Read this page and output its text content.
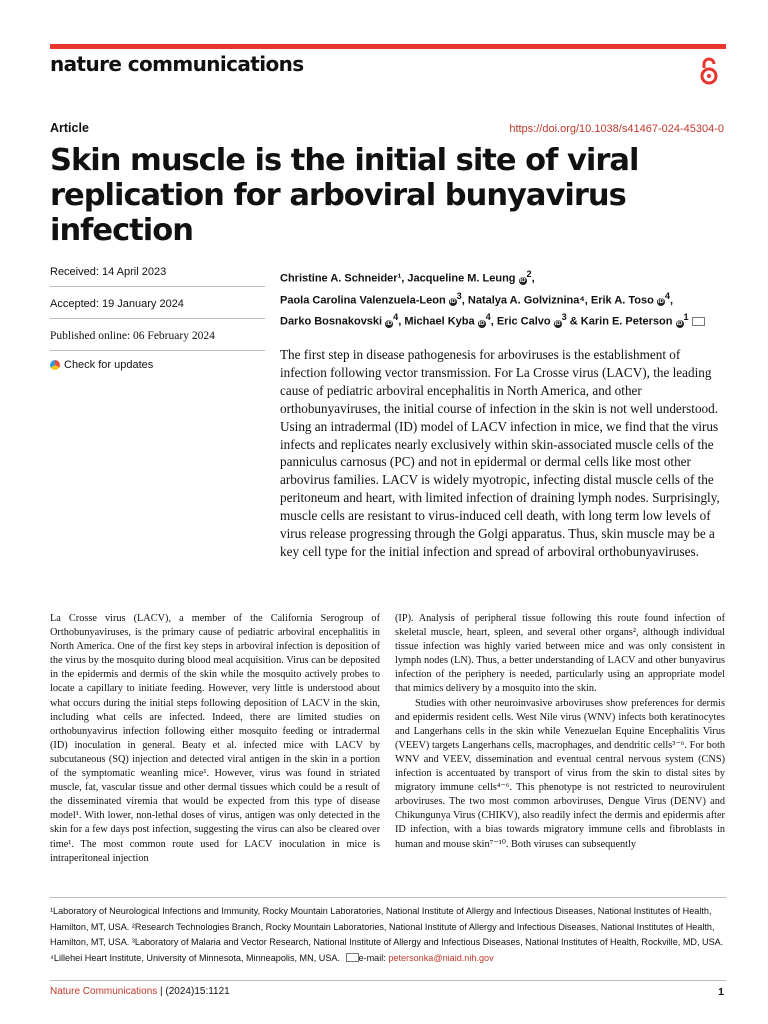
nature communications
Article	https://doi.org/10.1038/s41467-024-45304-0
Skin muscle is the initial site of viral replication for arboviral bunyavirus infection
Received: 14 April 2023
Accepted: 19 January 2024
Published online: 06 February 2024
Check for updates
Christine A. Schneider¹, Jacqueline M. Leung $iD^2$,
Paola Carolina Valenzuela-Leon $iD^3$, Natalya A. Golviznina⁴, Erik A. Toso $iD^4$,
Darko Bosnakovski $iD^4$, Michael Kyba $iD^4$, Eric Calvo $iD^3$ & Karin E. Peterson $iD^1$

The first step in disease pathogenesis for arboviruses is the establishment of infection following vector transmission. For La Crosse virus (LACV), the leading cause of pediatric arboviral encephalitis in North America, and other orthobunyaviruses, the initial course of infection in the skin is not well understood. Using an intradermal (ID) model of LACV infection in mice, we find that the virus infects and replicates nearly exclusively within skin-associated muscle cells of the panniculus carnosus (PC) and not in epidermal or dermal cells like most other arbovirus families. LACV is widely myotropic, infecting distal muscle cells of the peritoneum and heart, with limited infection of draining lymph nodes. Surprisingly, muscle cells are resistant to virus-induced cell death, with long term low levels of virus release progressing through the Golgi apparatus. Thus, skin muscle may be a key cell type for the initial infection and spread of arboviral orthobunyaviruses.

La Crosse virus (LACV), a member of the California Serogroup of Orthobunyaviruses, is the primary cause of pediatric arboviral encephalitis in North America. One of the first key steps in arboviral infection is deposition of the virus by the mosquito during blood meal acquisition. Virus can be deposited in the epidermis and dermis of the skin while the mosquito actively probes to locate a capillary to initiate feeding. However, very little is understood about what occurs during the initial steps following deposition of LACV in the skin, including what cells are infected. Indeed, there are limited studies on orthobunyavirus infection following either mosquito feeding or intradermal (ID) inoculation in general. Beaty et al. infected mice with LACV by subcutaneous (SQ) injection and detected viral antigen in the skin in a portion of the symptomatic weanling mice¹. However, virus was found in striated muscle, fat, vascular tissue and other dermal tissues which could be a result of the disseminated viremia that would be expected from this type of disease model¹. With lower, non-lethal doses of virus, antigen was only detected in the skin for a few days post infection, suggesting the virus can also be cleared over time¹. The most common route used for LACV inoculation in mice is intraperitoneal injection

(IP). Analysis of peripheral tissue following this route found infection of skeletal muscle, heart, spleen, and several other organs², although individual tissue infection was highly varied between mice and was only consistent in lymph nodes (LN). Thus, a better understanding of LACV and other bunyavirus infection of the periphery is needed, particularly using an appropriate model that mimics delivery by a mosquito into the skin.

Studies with other neuroinvasive arboviruses show preferences for dermis and epidermis resident cells. West Nile virus (WNV) infects both keratinocytes and Langerhans cells in the skin while Venezuelan Equine Encephalitis Virus (VEEV) targets Langerhans cells, macrophages, and dendritic cells³⁻⁶. For both WNV and VEEV, dissemination and eventual central nervous system (CNS) infection is accentuated by transport of virus from the skin to distal sites by migratory immune cells⁴⁻⁶. This phenotype is not restricted to neurovirulent arboviruses. The two most common arboviruses, Dengue Virus (DENV) and Chikungunya Virus (CHIKV), also readily infect the dermis and epidermis after ID infection, with a bias towards migratory immune cells and fibroblasts in human and mouse skin⁷⁻¹⁰. Both viruses can subsequently

¹Laboratory of Neurological Infections and Immunity, Rocky Mountain Laboratories, National Institute of Allergy and Infectious Diseases, National Institutes of Health, Hamilton, MT, USA. ²Research Technologies Branch, Rocky Mountain Laboratories, National Institute of Allergy and Infectious Diseases, National Institutes of Health, Hamilton, MT, USA. ³Laboratory of Malaria and Vector Research, National Institute of Allergy and Infectious Diseases, National Institutes of Health, Rockville, MD, USA. ⁴Lillehei Heart Institute, University of Minnesota, Minneapolis, MN, USA. e-mail: petersonka@niaid.nih.gov

Nature Communications | (2024)15:1121	1
